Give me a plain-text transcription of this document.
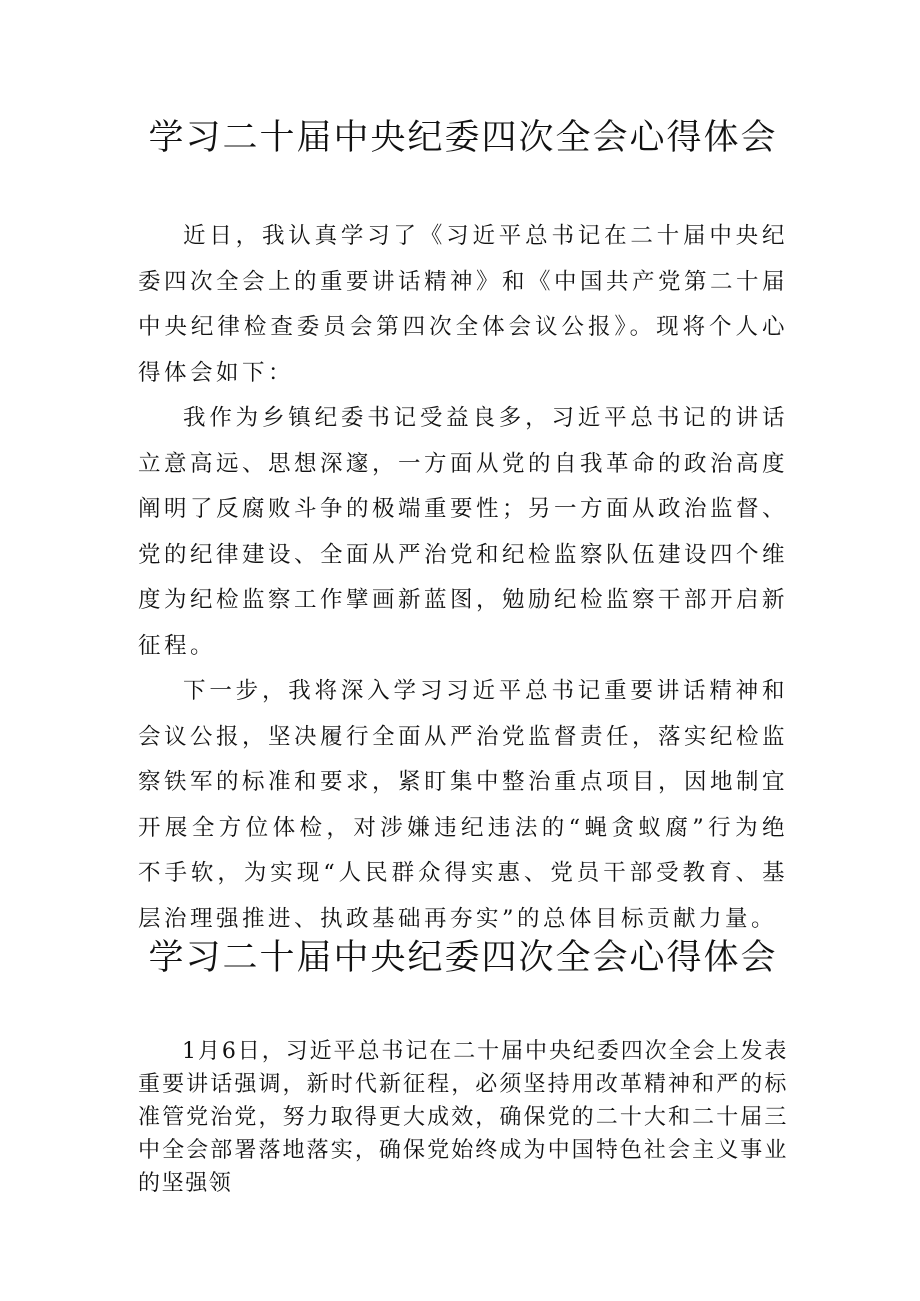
学习二十届中央纪委四次全会心得体会

近日，我认真学习了《习近平总书记在二十届中央纪委四次全会上的重要讲话精神》和《中国共产党第二十届中央纪律检查委员会第四次全体会议公报》。现将个人心得体会如下：

我作为乡镇纪委书记受益良多，习近平总书记的讲话立意高远、思想深邃，一方面从党的自我革命的政治高度阐明了反腐败斗争的极端重要性；另一方面从政治监督、党的纪律建设、全面从严治党和纪检监察队伍建设四个维度为纪检监察工作擘画新蓝图，勉励纪检监察干部开启新征程。

下一步，我将深入学习习近平总书记重要讲话精神和会议公报，坚决履行全面从严治党监督责任，落实纪检监察铁军的标准和要求，紧盯集中整治重点项目，因地制宜开展全方位体检，对涉嫌违纪违法的“蝇贪蚁腐”行为绝不手软，为实现“人民群众得实惠、党员干部受教育、基层治理强推进、执政基础再夯实”的总体目标贡献力量。

学习二十届中央纪委四次全会心得体会

1月6日，习近平总书记在二十届中央纪委四次全会上发表重要讲话强调，新时代新征程，必须坚持用改革精神和严的标准管党治党，努力取得更大成效，确保党的二十大和二十届三中全会部署落地落实，确保党始终成为中国特色社会主义事业的坚强领
